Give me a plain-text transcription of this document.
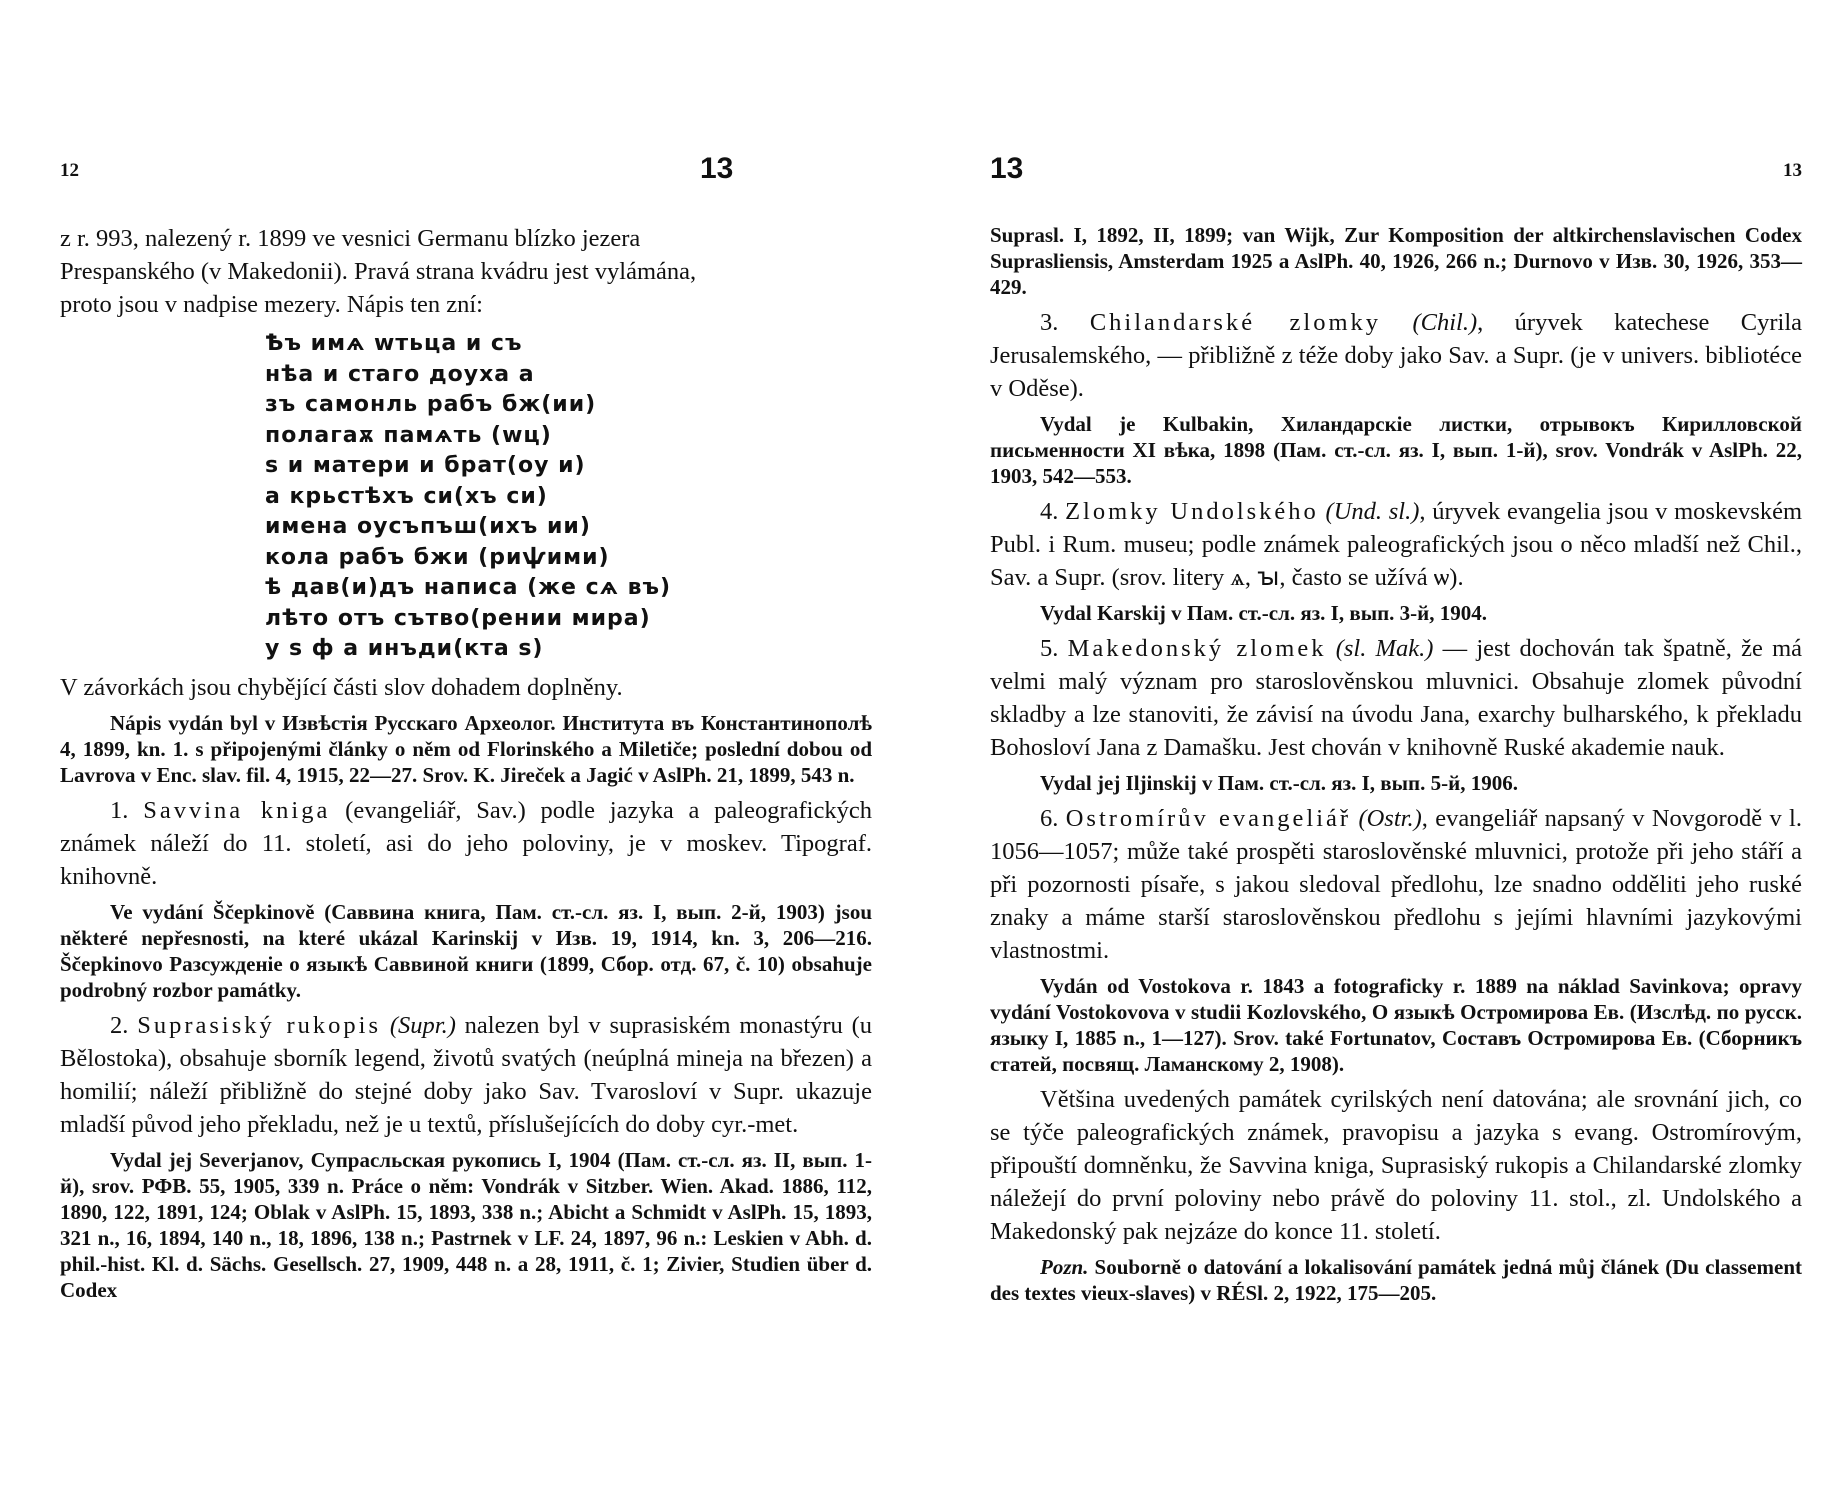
12	13

z r. 993, nalezený r. 1899 ve vesnici Germanu blízko jezera

Prespanského (v Makedonii). Pravá strana kvádru jest vylámána,

proto jsou v nadpise mezery. Nápis ten zní:

Ѣъ имѧ wтьца и съ
нѣа и стаго доуха а
зъ самонль рабъ бж(ии)
полагаѫ памѧть (wц)
ѕ и матери и брат(оу и)
а крьстѣхъ си(хъ си)
имена оусъпъш(ихъ ии)
кола рабъ бжи (риѱими)
ѣ дав(и)дъ написа (же сѧ въ)
лѣто отъ сътво(рении мира)
у ѕ ф а инъди(кта ѕ)

V závorkách jsou chybějící části slov dohadem doplněny.

Nápis vydán byl v Извѣстія Русскаго Археолог. Института въ Константинополѣ 4, 1899, kn. 1. s připojenými články o něm od Florinského a Miletiče; poslední dobou od Lavrova v Enc. slav. fil. 4, 1915, 22—27. Srov. K. Jireček a Jagić v AslPh. 21, 1899, 543 n.

1. Savvina kniga (evangeliář, Sav.) podle jazyka a paleografických známek náleží do 11. století, asi do jeho poloviny, je v moskev. Tipograf. knihovně.

Ve vydání Ščepkinově (Саввина книга, Пам. ст.-сл. яз. I, вып. 2-й, 1903) jsou některé nepřesnosti, na které ukázal Karinskij v Изв. 19, 1914, kn. 3, 206—216. Ščepkinovo Разсужденіе о языкѣ Саввиной книги (1899, Сбор. отд. 67, č. 10) obsahuje podrobný rozbor památky.

2. Suprasiský rukopis (Supr.) nalezen byl v suprasiském monastýru (u Bělostoka), obsahuje sborník legend, životů svatých (neúplná mineja na březen) a homilií; náleží přibližně do stejné doby jako Sav. Tvarosloví v Supr. ukazuje mladší původ jeho překladu, než je u textů, příslušejících do doby cyr.-met.

Vydal jej Severjanov, Супрасльская рукопись I, 1904 (Пам. ст.-сл. яз. II, вып. 1-й), srov. РФВ. 55, 1905, 339 n. Práce o něm: Vondrák v Sitzber. Wien. Akad. 1886, 112, 1890, 122, 1891, 124; Oblak v AslPh. 15, 1893, 338 n.; Abicht a Schmidt v AslPh. 15, 1893, 321 n., 16, 1894, 140 n., 18, 1896, 138 n.; Pastrnek v LF. 24, 1897, 96 n.: Leskien v Abh. d. phil.-hist. Kl. d. Sächs. Gesellsch. 27, 1909, 448 n. a 28, 1911, č. 1; Zivier, Studien über d. Codex

13	13

Suprasl. I, 1892, II, 1899; van Wijk, Zur Komposition der altkirchenslavischen Codex Suprasliensis, Amsterdam 1925 a AslPh. 40, 1926, 266 n.; Durnovo v Изв. 30, 1926, 353—429.

3. Chilandarské zlomky (Chil.), úryvek katechese Cyrila Jerusalemského, — přibližně z téže doby jako Sav. a Supr. (je v univers. bibliotéce v Oděse).

Vydal je Kulbakin, Хиландарскіе листки, отрывокъ Кирилловской письменности XI вѣка, 1898 (Пам. ст.-сл. яз. I, вып. 1-й), srov. Vondrák v AslPh. 22, 1903, 542—553.

4. Zlomky Undolského (Und. sl.), úryvek evangelia jsou v moskevském Publ. i Rum. museu; podle známek paleografických jsou o něco mladší než Chil., Sav. a Supr. (srov. litery ѧ, ꙑ, často se užívá ѡ).

Vydal Karskij v Пам. ст.-сл. яз. I, вып. 3-й, 1904.

5. Makedonský zlomek (sl. Mak.) — jest dochován tak špatně, že má velmi malý význam pro staroslověnskou mluvnici. Obsahuje zlomek původní skladby a lze stanoviti, že závisí na úvodu Jana, exarchy bulharského, k překladu Bohosloví Jana z Damašku. Jest chován v knihovně Ruské akademie nauk.

Vydal jej Iljinskij v Пам. ст.-сл. яз. I, вып. 5-й, 1906.

6. Ostromírův evangeliář (Ostr.), evangeliář napsaný v Novgorodě v l. 1056—1057; může také prospěti staroslověnské mluvnici, protože při jeho stáří a při pozornosti písaře, s jakou sledoval předlohu, lze snadno odděliti jeho ruské znaky a máme starší staroslověnskou předlohu s jejími hlavními jazykovými vlastnostmi.

Vydán od Vostokova r. 1843 a fotograficky r. 1889 na náklad Savinkova; opravy vydání Vostokovova v studii Kozlovského, O языкѣ Остромирова Ев. (Изслѣд. по русск. языку I, 1885 n., 1—127). Srov. také Fortunatov, Составъ Остромирова Ев. (Сборникъ статей, посвящ. Ламанскому 2, 1908).

Většina uvedených památek cyrilských není datována; ale srovnání jich, co se týče paleografických známek, pravopisu a jazyka s evang. Ostromírovým, připouští domněnku, že Savvina kniga, Suprasiský rukopis a Chilandarské zlomky náležejí do první poloviny nebo právě do poloviny 11. stol., zl. Undolského a Makedonský pak nejzáze do konce 11. století.

Pozn. Souborně o datování a lokalisování památek jedná můj článek (Du classement des textes vieux-slaves) v RÉSl. 2, 1922, 175—205.
